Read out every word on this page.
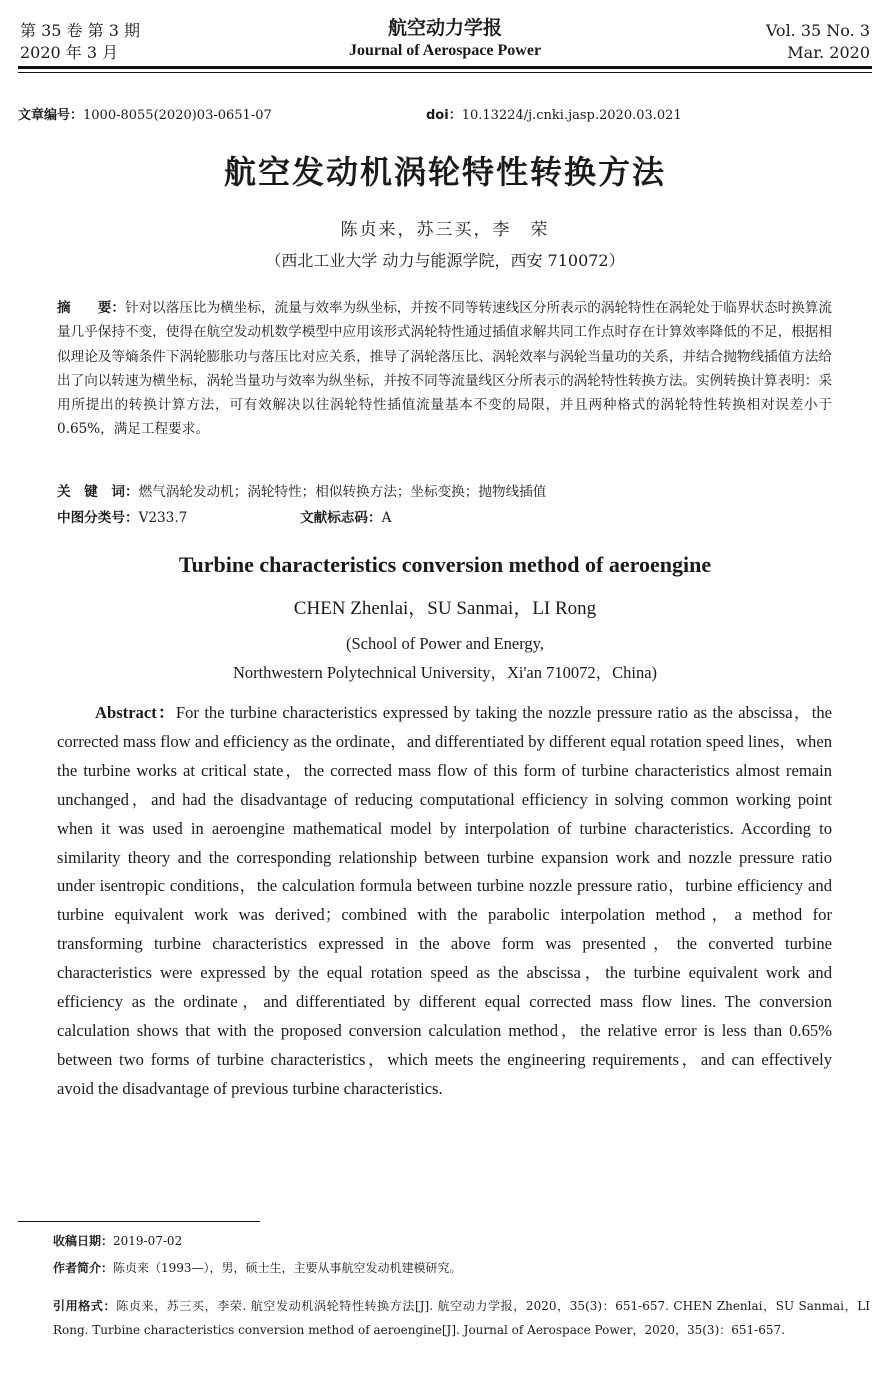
第 35 卷 第 3 期
2020 年 3 月
航空动力学报
Journal of Aerospace Power
Vol. 35 No. 3
Mar. 2020
文章编号：1000-8055(2020)03-0651-07	doi：10.13224/j.cnki.jasp.2020.03.021
航空发动机涡轮特性转换方法
陈贞来，苏三买，李　荣
（西北工业大学 动力与能源学院，西安 710072）
摘　　要：针对以落压比为横坐标，流量与效率为纵坐标，并按不同等转速线区分所表示的涡轮特性在涡轮处于临界状态时换算流量几乎保持不变，使得在航空发动机数学模型中应用该形式涡轮特性通过插值求解共同工作点时存在计算效率降低的不足，根据相似理论及等熵条件下涡轮膨胀功与落压比对应关系，推导了涡轮落压比、涡轮效率与涡轮当量功的关系，并结合抛物线插值方法给出了向以转速为横坐标，涡轮当量功与效率为纵坐标，并按不同等流量线区分所表示的涡轮特性转换方法。实例转换计算表明：采用所提出的转换计算方法，可有效解决以往涡轮特性插值流量基本不变的局限，并且两种格式的涡轮特性转换相对误差小于 0.65%，满足工程要求。
关　键　词：燃气涡轮发动机；涡轮特性；相似转换方法；坐标变换；抛物线插值
中图分类号：V233.7	文献标志码：A
Turbine characteristics conversion method of aeroengine
CHEN Zhenlai，SU Sanmai，LI Rong
(School of Power and Energy,
Northwestern Polytechnical University，Xi'an 710072，China)
Abstract：For the turbine characteristics expressed by taking the nozzle pressure ratio as the abscissa，the corrected mass flow and efficiency as the ordinate，and differentiated by different equal rotation speed lines，when the turbine works at critical state，the corrected mass flow of this form of turbine characteristics almost remain unchanged，and had the disadvantage of reducing computational efficiency in solving common working point when it was used in aeroengine mathematical model by interpolation of turbine characteristics. According to similarity theory and the corresponding relationship between turbine expansion work and nozzle pressure ratio under isentropic conditions，the calculation formula between turbine nozzle pressure ratio，turbine efficiency and turbine equivalent work was derived；combined with the parabolic interpolation method，a method for transforming turbine characteristics expressed in the above form was presented，the converted turbine characteristics were expressed by the equal rotation speed as the abscissa，the turbine equivalent work and efficiency as the ordinate，and differentiated by different equal corrected mass flow lines. The conversion calculation shows that with the proposed conversion calculation method，the relative error is less than 0.65% between two forms of turbine characteristics，which meets the engineering requirements，and can effectively avoid the disadvantage of previous turbine characteristics.
收稿日期：2019-07-02
作者简介：陈贞来（1993—），男，硕士生，主要从事航空发动机建模研究。
引用格式：陈贞来，苏三买，李荣. 航空发动机涡轮特性转换方法[J]. 航空动力学报，2020，35(3)：651-657. CHEN Zhenlai，SU Sanmai，LI Rong. Turbine characteristics conversion method of aeroengine[J]. Journal of Aerospace Power，2020，35(3)：651-657.
